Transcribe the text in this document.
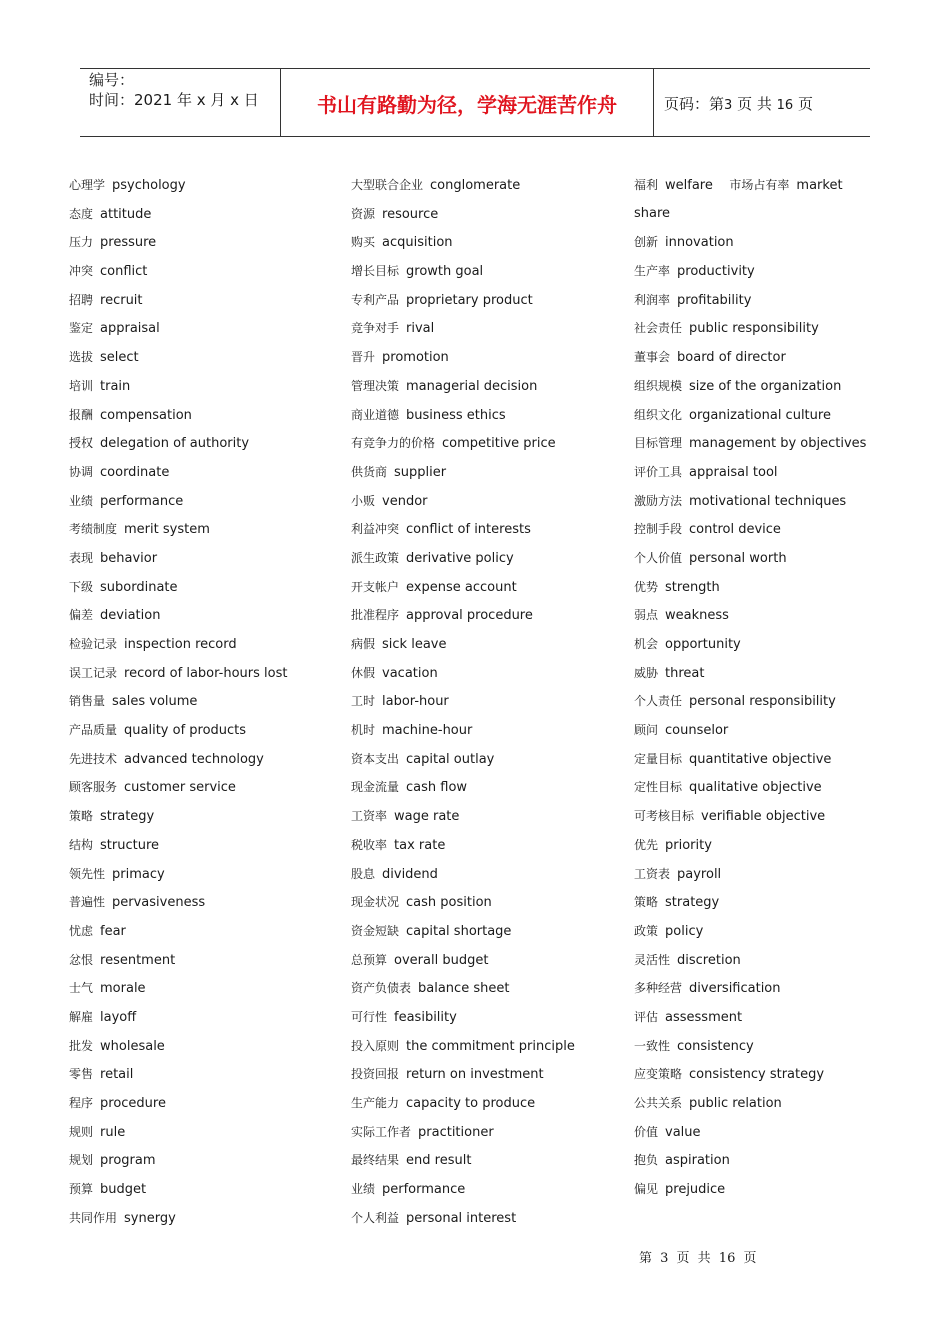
编号：
时间：2021 年 x 月 x 日	书山有路勤为径，学海无涯苦作舟	页码：第3 页 共 16 页
心理学 psychology
态度 attitude
压力 pressure
冲突 conflict
招聘 recruit
鉴定 appraisal
选拔 select
培训 train
报酬 compensation
授权 delegation of authority
协调 coordinate
业绩 performance
考绩制度 merit system
表现 behavior
下级 subordinate
偏差 deviation
检验记录 inspection record
误工记录 record of labor-hours lost
销售量 sales volume
产品质量 quality of products
先进技术 advanced technology
顾客服务 customer service
策略 strategy
结构 structure
领先性 primacy
普遍性 pervasiveness
忧虑 fear
忿恨 resentment
士气 morale
解雇 layoff
批发 wholesale
零售 retail
程序 procedure
规则 rule
规划 program
预算 budget
共同作用 synergy
大型联合企业 conglomerate
资源 resource
购买 acquisition
增长目标 growth goal
专利产品 proprietary product
竞争对手 rival
晋升 promotion
管理决策 managerial decision
商业道德 business ethics
有竞争力的价格 competitive price
供货商 supplier
小贩 vendor
利益冲突 conflict of interests
派生政策 derivative policy
开支帐户 expense account
批准程序 approval procedure
病假 sick leave
休假 vacation
工时 labor-hour
机时 machine-hour
资本支出 capital outlay
现金流量 cash flow
工资率 wage rate
税收率 tax rate
股息 dividend
现金状况 cash position
资金短缺 capital shortage
总预算 overall budget
资产负债表 balance sheet
可行性 feasibility
投入原则 the commitment principle
投资回报 return on investment
生产能力 capacity to produce
实际工作者 practitioner
最终结果 end result
业绩 performance
个人利益 personal interest
福利 welfare 市场占有率 market
share
创新 innovation
生产率 productivity
利润率 profitability
社会责任 public responsibility
董事会 board of director
组织规模 size of the organization
组织文化 organizational culture
目标管理 management by objectives
评价工具 appraisal tool
激励方法 motivational techniques
控制手段 control device
个人价值 personal worth
优势 strength
弱点 weakness
机会 opportunity
威胁 threat
个人责任 personal responsibility
顾问 counselor
定量目标 quantitative objective
定性目标 qualitative objective
可考核目标 verifiable objective
优先 priority
工资表 payroll
策略 strategy
政策 policy
灵活性 discretion
多种经营 diversification
评估 assessment
一致性 consistency
应变策略 consistency strategy
公共关系 public relation
价值 value
抱负 aspiration
偏见 prejudice
第 3 页 共 16 页
